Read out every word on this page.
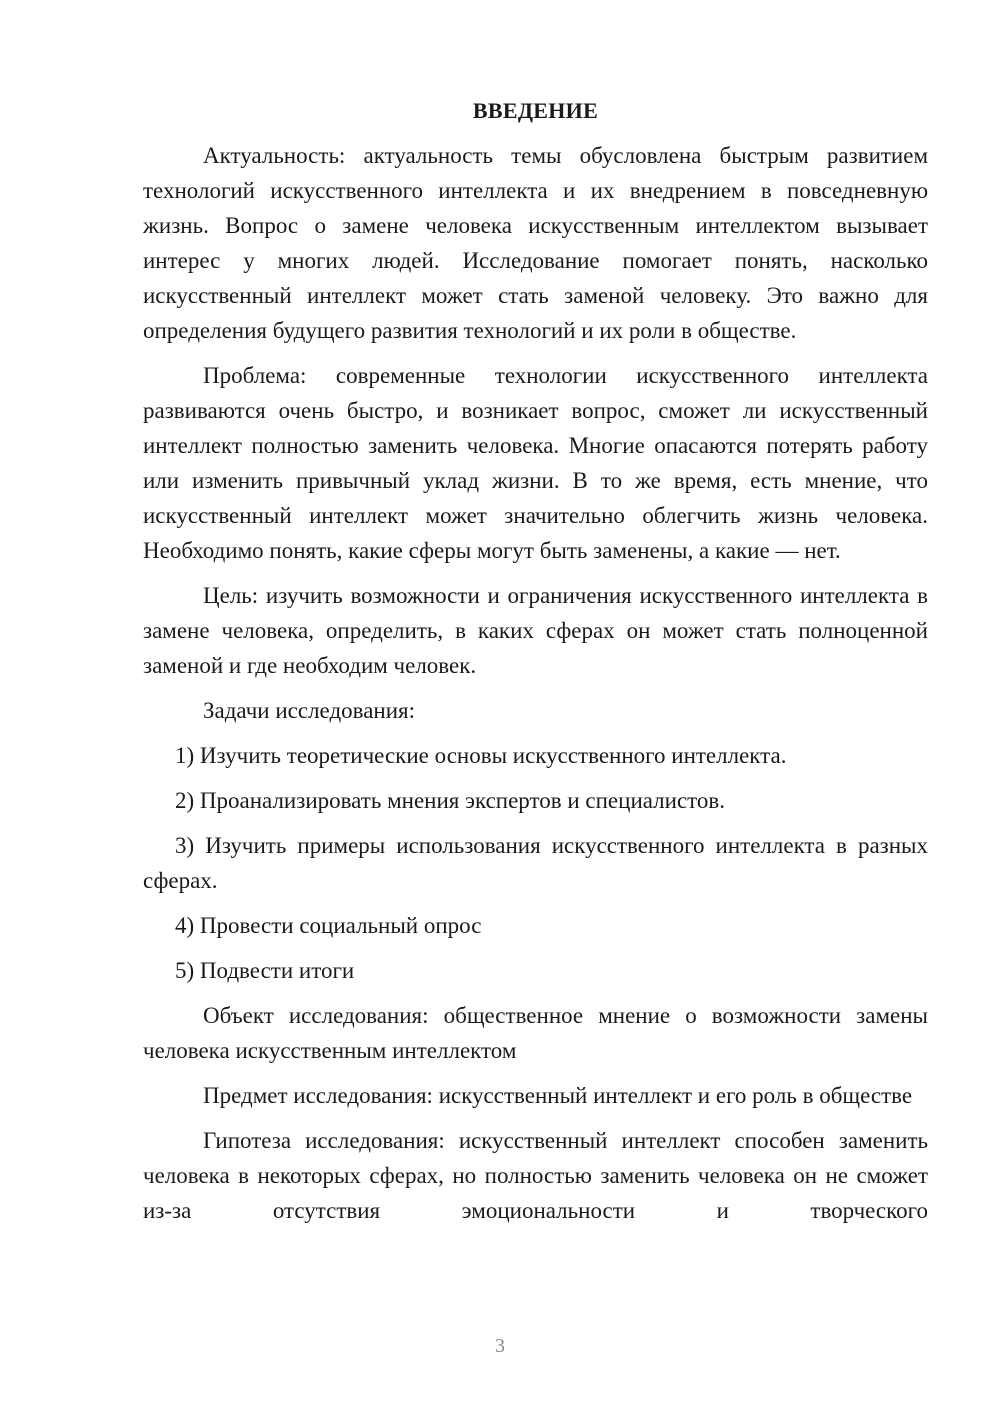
ВВЕДЕНИЕ

Актуальность: актуальность темы обусловлена быстрым развитием технологий искусственного интеллекта и их внедрением в повседневную жизнь. Вопрос о замене человека искусственным интеллектом вызывает интерес у многих людей. Исследование помогает понять, насколько искусственный интеллект может стать заменой человеку. Это важно для определения будущего развития технологий и их роли в обществе.

Проблема: современные технологии искусственного интеллекта развиваются очень быстро, и возникает вопрос, сможет ли искусственный интеллект полностью заменить человека. Многие опасаются потерять работу или изменить привычный уклад жизни. В то же время, есть мнение, что искусственный интеллект может значительно облегчить жизнь человека. Необходимо понять, какие сферы могут быть заменены, а какие — нет.

Цель: изучить возможности и ограничения искусственного интеллекта в замене человека, определить, в каких сферах он может стать полноценной заменой и где необходим человек.

Задачи исследования:

1) Изучить теоретические основы искусственного интеллекта.

2) Проанализировать мнения экспертов и специалистов.

3) Изучить примеры использования искусственного интеллекта в разных сферах.

4) Провести социальный опрос

5) Подвести итоги

Объект исследования: общественное мнение о возможности замены человека искусственным интеллектом

Предмет исследования: искусственный интеллект и его роль в обществе

Гипотеза исследования: искусственный интеллект способен заменить человека в некоторых сферах, но полностью заменить человека он не сможет из-за отсутствия эмоциональности и творческого

3
